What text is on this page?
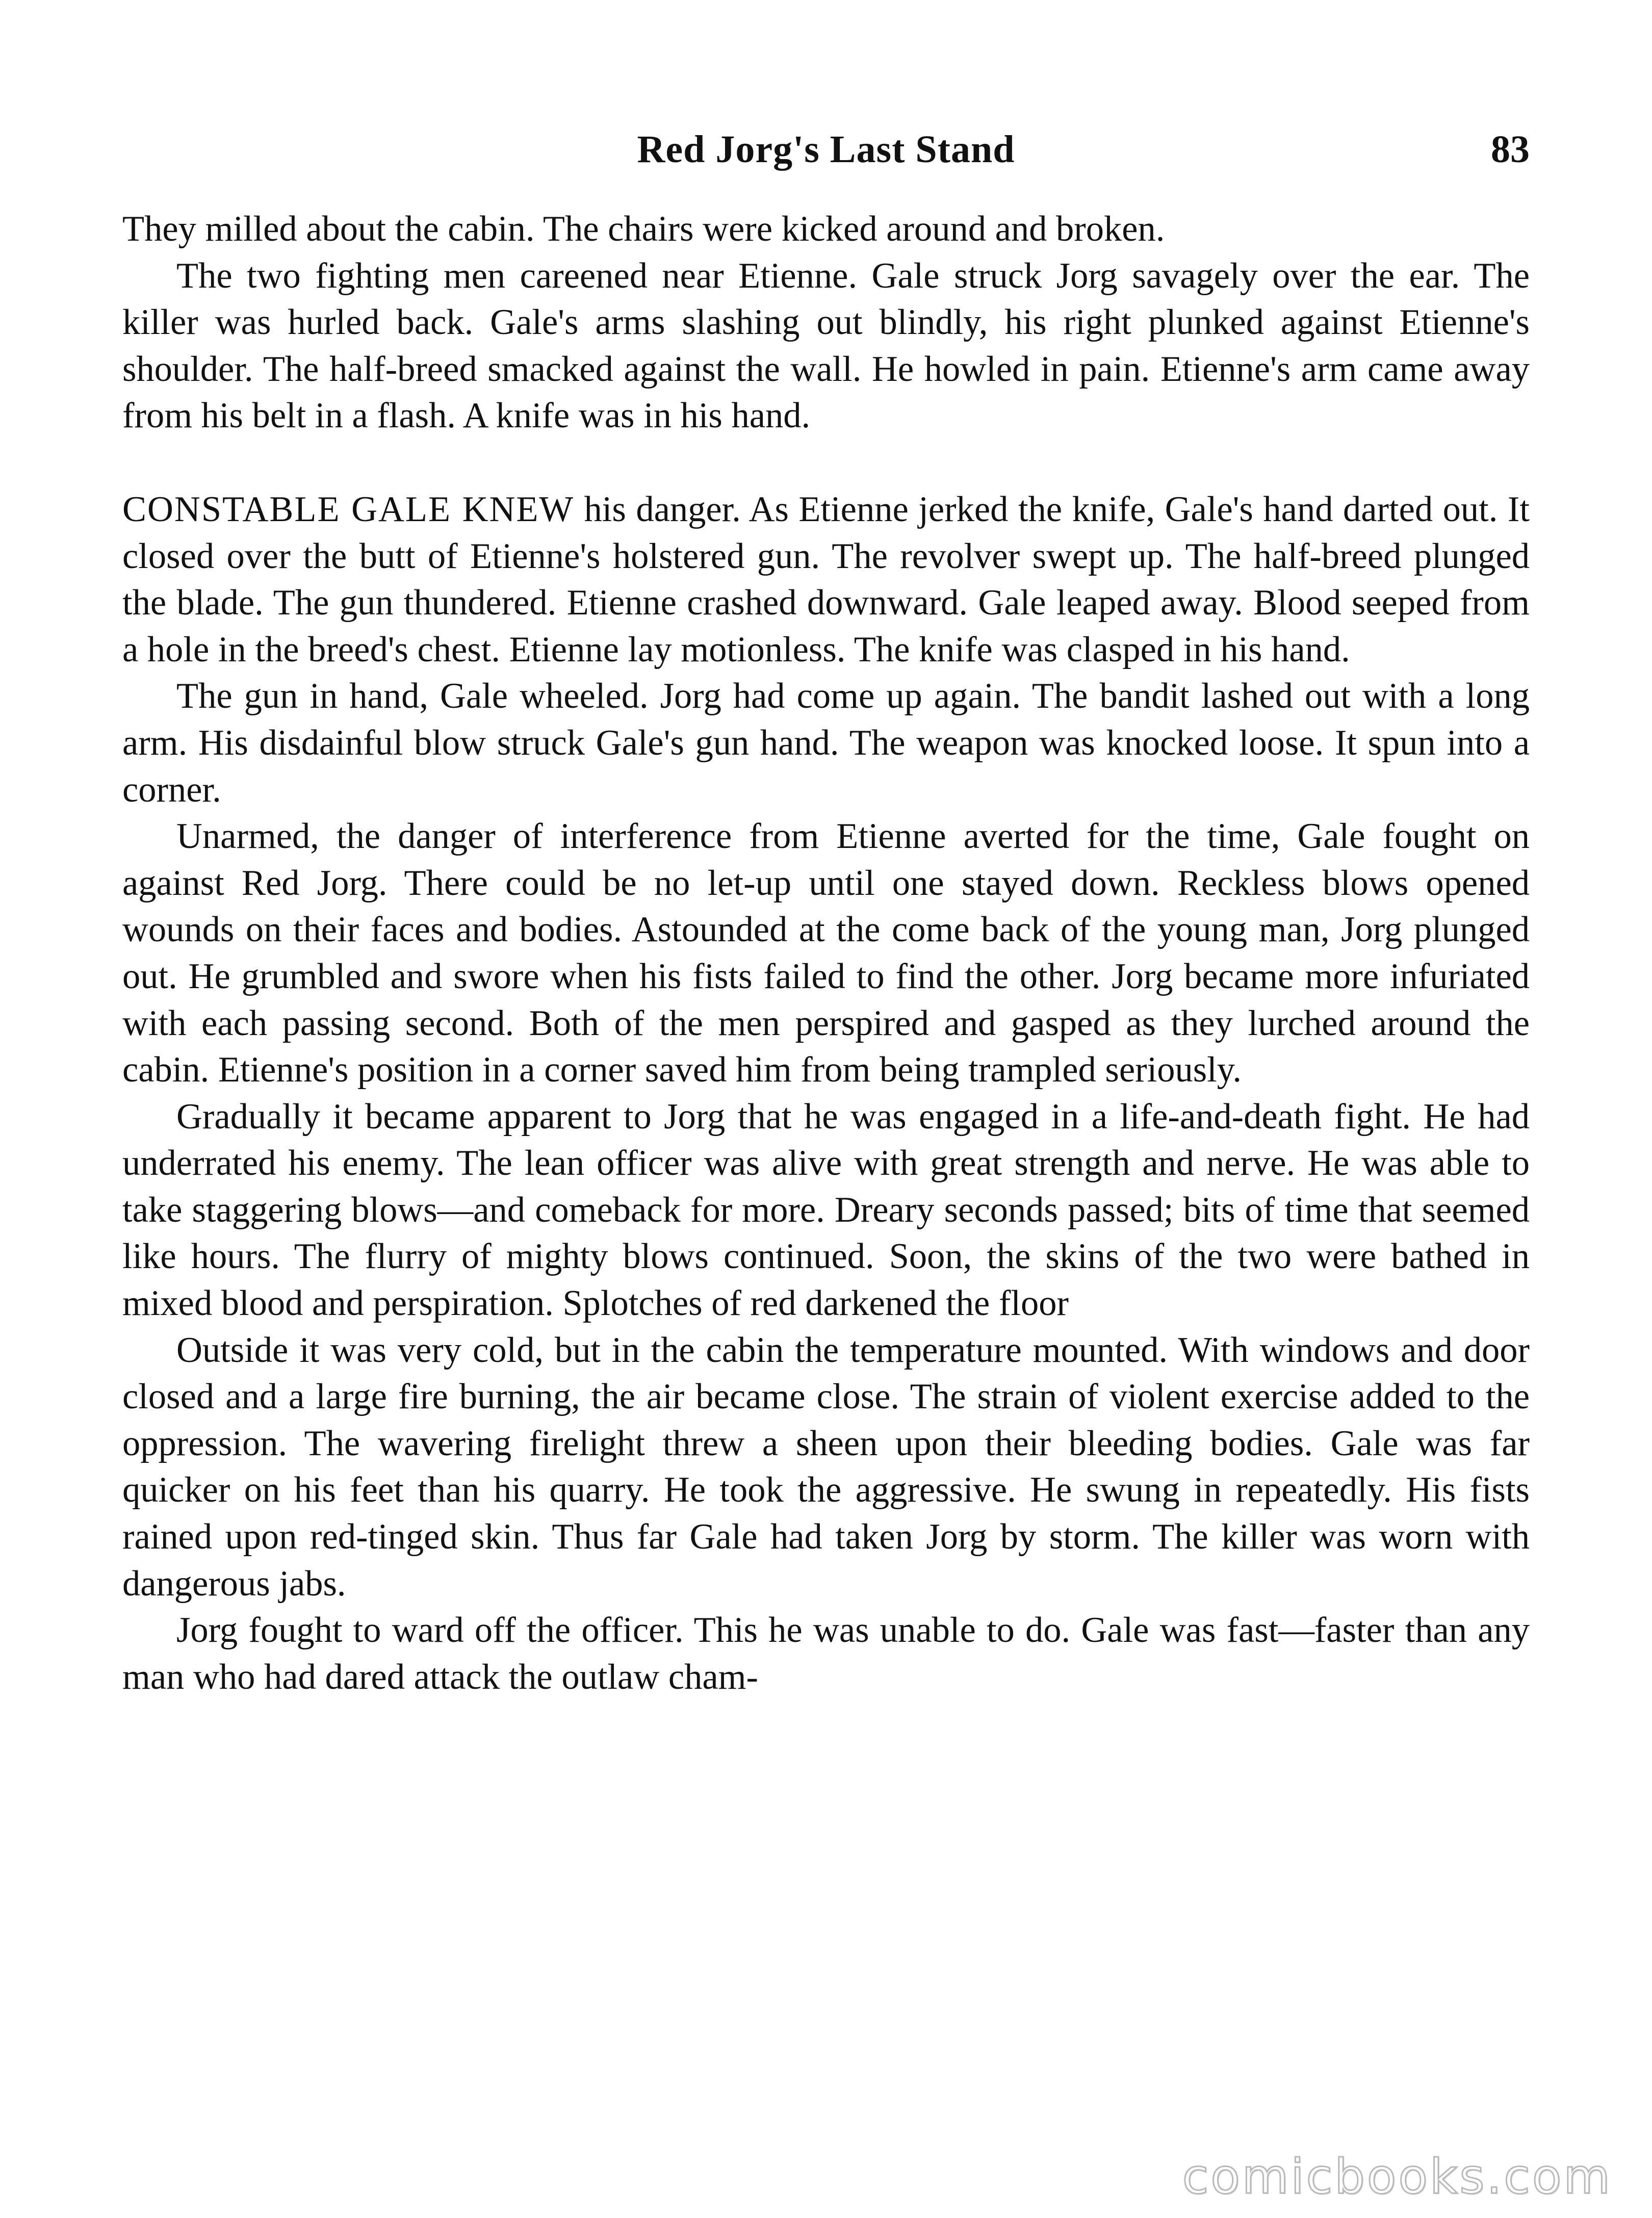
Red Jorg's Last Stand	83

They milled about the cabin. The chairs were kicked around and broken.

The two fighting men careened near Etienne. Gale struck Jorg savagely over the ear. The killer was hurled back. Gale's arms slashing out blindly, his right plunked against Etienne's shoulder. The half-breed smacked against the wall. He howled in pain. Etienne's arm came away from his belt in a flash. A knife was in his hand.

CONSTABLE GALE KNEW his danger. As Etienne jerked the knife, Gale's hand darted out. It closed over the butt of Etienne's holstered gun. The revolver swept up. The half-breed plunged the blade. The gun thundered. Etienne crashed downward. Gale leaped away. Blood seeped from a hole in the breed's chest. Etienne lay motionless. The knife was clasped in his hand.

The gun in hand, Gale wheeled. Jorg had come up again. The bandit lashed out with a long arm. His disdainful blow struck Gale's gun hand. The weapon was knocked loose. It spun into a corner.

Unarmed, the danger of interference from Etienne averted for the time, Gale fought on against Red Jorg. There could be no let-up until one stayed down. Reckless blows opened wounds on their faces and bodies. Astounded at the come back of the young man, Jorg plunged out. He grumbled and swore when his fists failed to find the other. Jorg became more infuriated with each passing second. Both of the men perspired and gasped as they lurched around the cabin. Etienne's position in a corner saved him from being trampled seriously.

Gradually it became apparent to Jorg that he was engaged in a life-and-death fight. He had underrated his enemy. The lean officer was alive with great strength and nerve. He was able to take staggering blows—and comeback for more. Dreary seconds passed; bits of time that seemed like hours. The flurry of mighty blows continued. Soon, the skins of the two were bathed in mixed blood and perspiration. Splotches of red darkened the floor

Outside it was very cold, but in the cabin the temperature mounted. With windows and door closed and a large fire burning, the air became close. The strain of violent exercise added to the oppression. The wavering firelight threw a sheen upon their bleeding bodies. Gale was far quicker on his feet than his quarry. He took the aggressive. He swung in repeatedly. His fists rained upon red-tinged skin. Thus far Gale had taken Jorg by storm. The killer was worn with dangerous jabs.

Jorg fought to ward off the officer. This he was unable to do. Gale was fast—faster than any man who had dared attack the outlaw cham-

comicbooks.com
